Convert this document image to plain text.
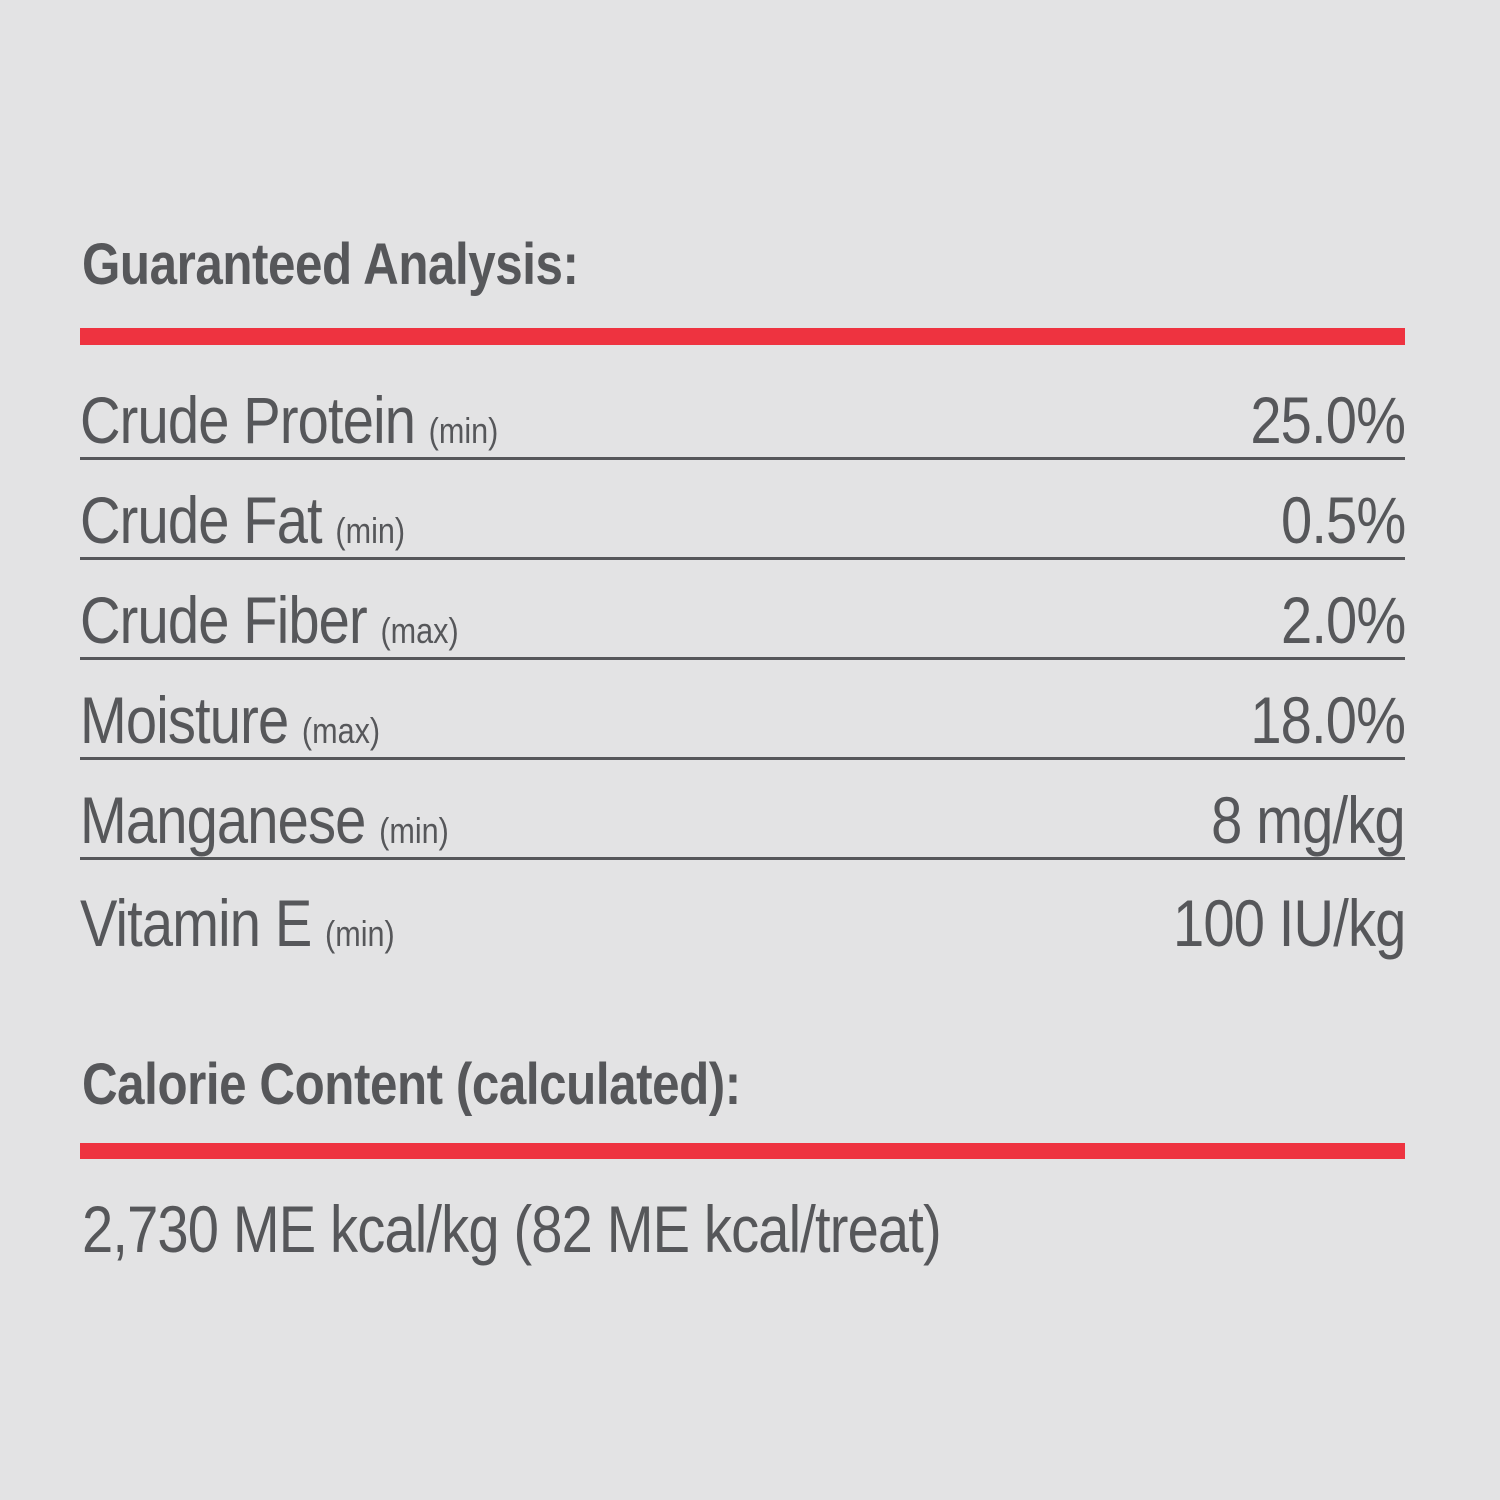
Guaranteed Analysis:
Crude Protein (min)	25.0%
Crude Fat (min)	0.5%
Crude Fiber (max)	2.0%
Moisture (max)	18.0%
Manganese (min)	8 mg/kg
Vitamin E (min)	100 IU/kg
Calorie Content (calculated):
2,730 ME kcal/kg (82 ME kcal/treat)
